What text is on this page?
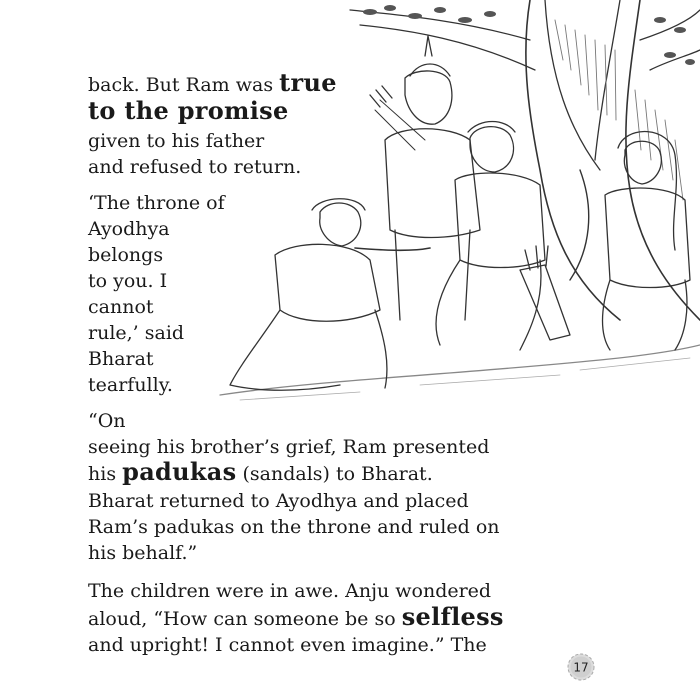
back. But Ram was true
to the promise
given to his father
and refused to return.
‘The throne of
Ayodhya
belongs
to you. I
cannot
rule,’ said
Bharat
tearfully.
“On
seeing his brother’s grief, Ram presented
his padukas (sandals) to Bharat.
Bharat returned to Ayodhya and placed
Ram’s padukas on the throne and ruled on
his behalf.”
The children were in awe. Anju wondered
aloud, “How can someone be so selfless
and upright! I cannot even imagine.” The
17
